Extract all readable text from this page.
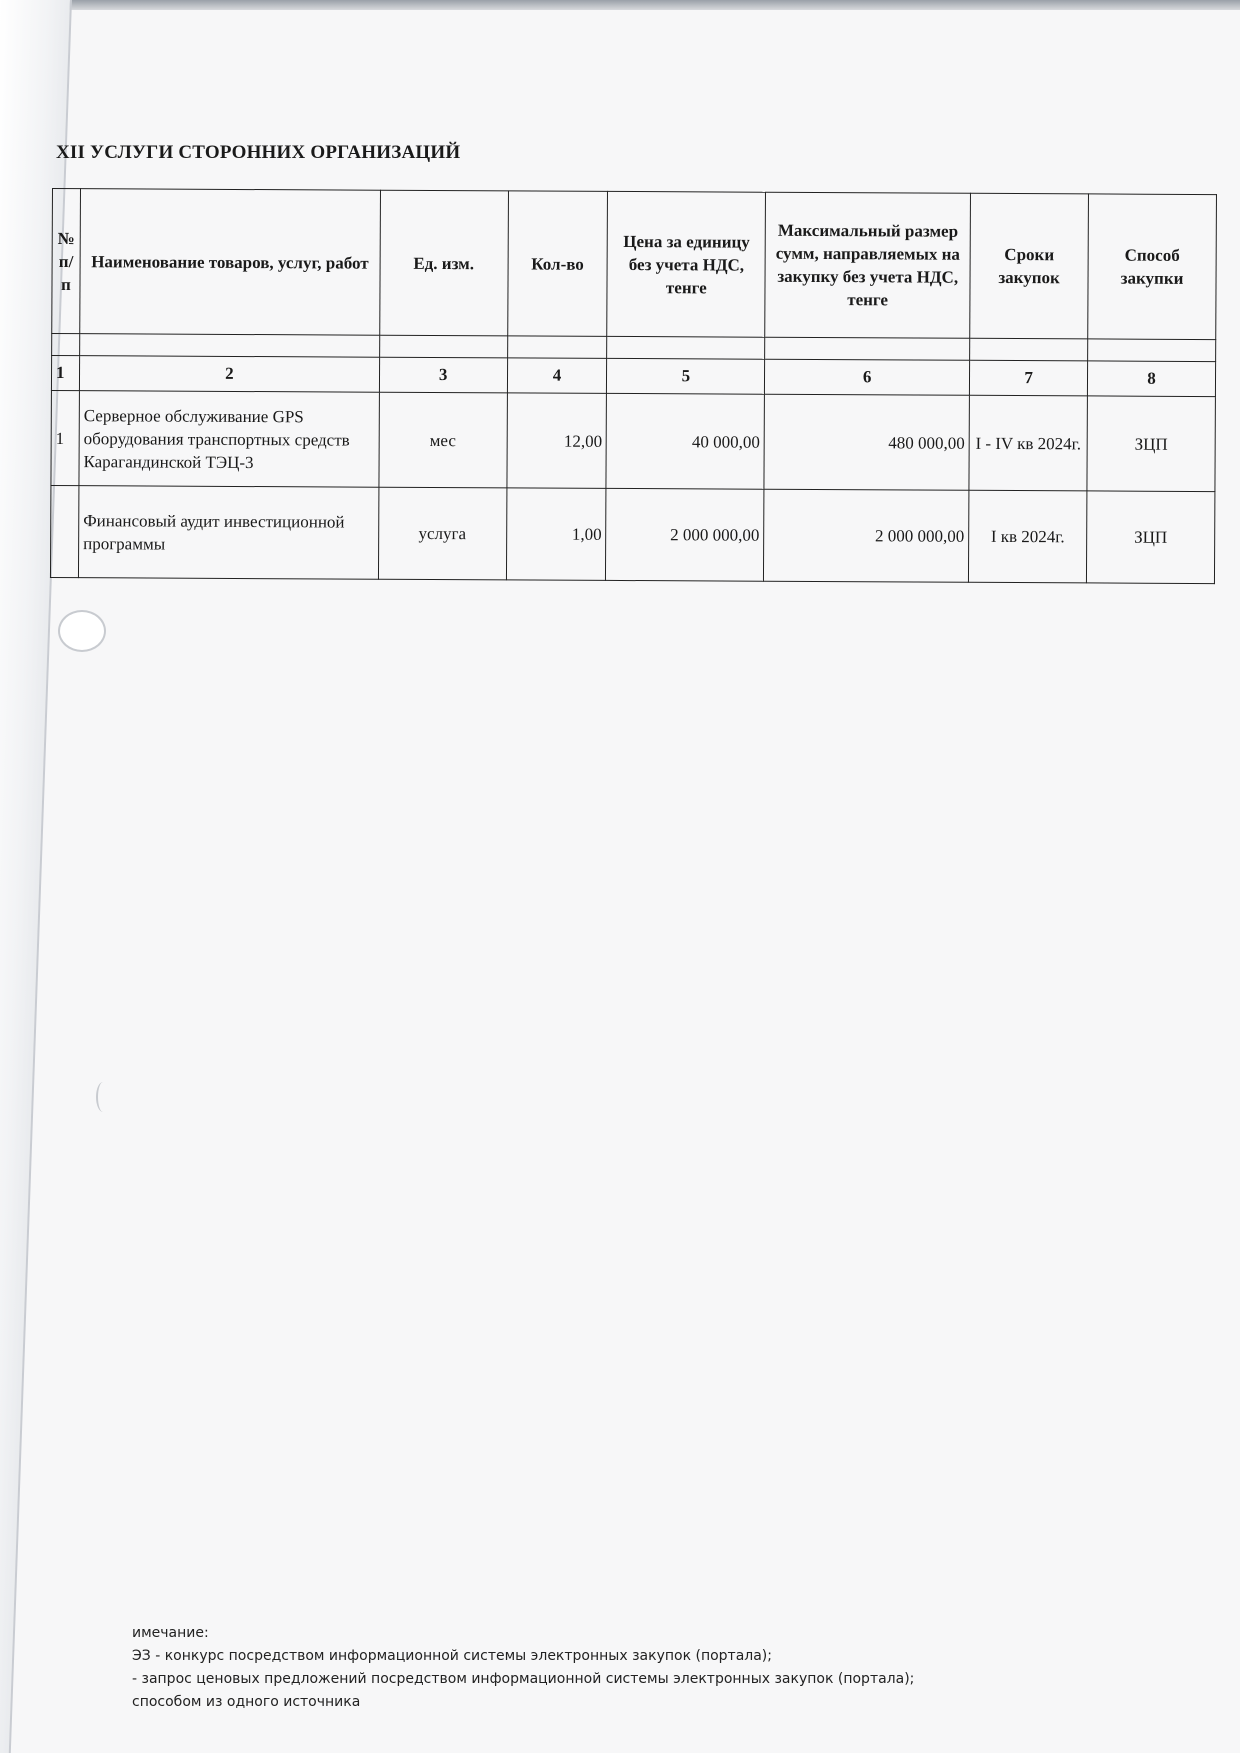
XII УСЛУГИ СТОРОННИХ ОРГАНИЗАЦИЙ
№ п/п	Наименование товаров, услуг, работ	Ед. изм.	Кол-во	Цена за единицу без учета НДС, тенге	Максимальный размер сумм, направляемых на закупку без учета НДС, тенге	Сроки закупок	Способ закупки

1	2	3	4	5	6	7	8
1	Серверное обслуживание GPS оборудования транспортных средств Карагандинской ТЭЦ-3	мес	12,00	40 000,00	480 000,00	I - IV кв 2024г.	ЗЦП
	Финансовый аудит инвестиционной программы	услуга	1,00	2 000 000,00	2 000 000,00	I кв 2024г.	ЗЦП
имечание:
ЭЗ - конкурс посредством информационной системы электронных закупок (портала);
- запрос ценовых предложений посредством информационной системы электронных закупок (портала);
способом из одного источника
